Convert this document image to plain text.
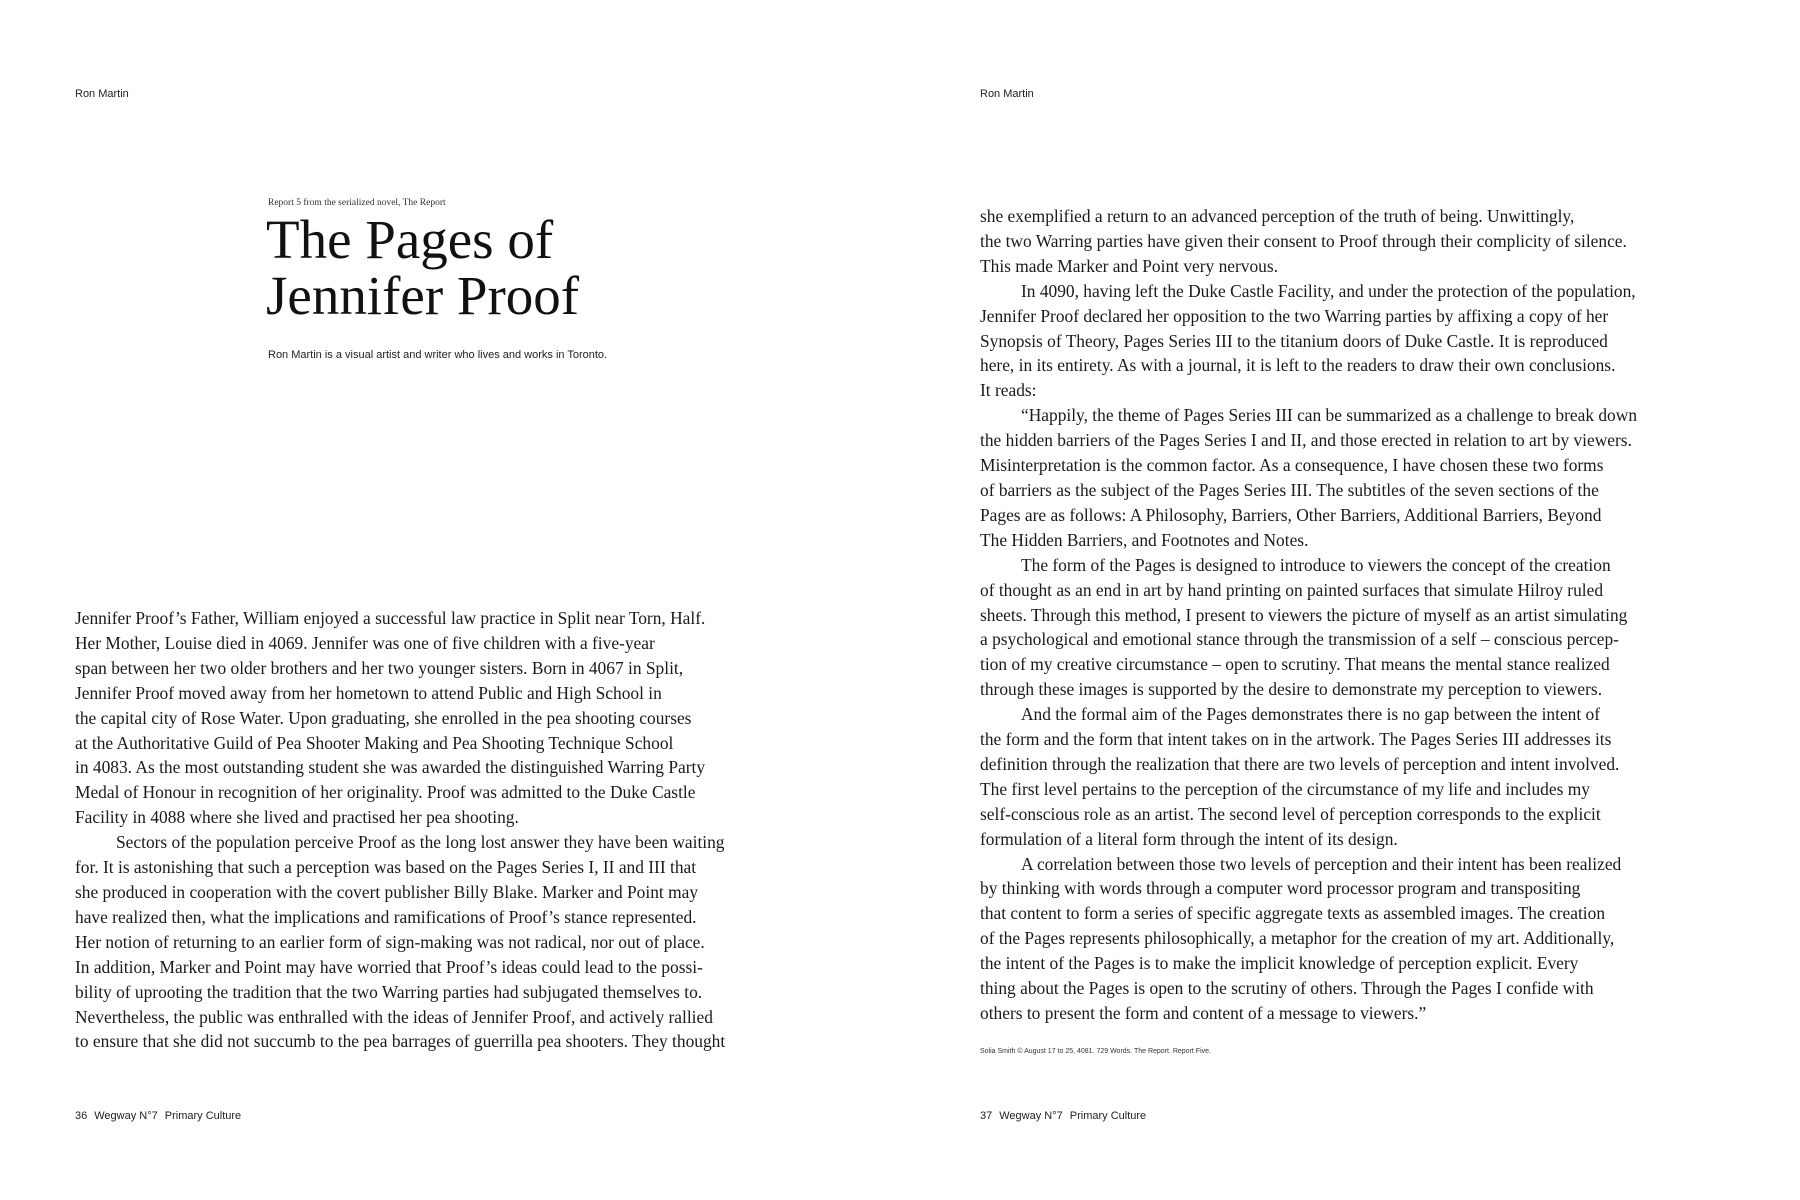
Ron Martin
Report 5 from the serialized novel, The Report
The Pages of
Jennifer Proof
Ron Martin is a visual artist and writer who lives and works in Toronto.
Jennifer Proof’s Father, William enjoyed a successful law practice in Split near Torn, Half.
Her Mother, Louise died in 4069. Jennifer was one of five children with a five-year
span between her two older brothers and her two younger sisters. Born in 4067 in Split,
Jennifer Proof moved away from her hometown to attend Public and High School in
the capital city of Rose Water. Upon graduating, she enrolled in the pea shooting courses
at the Authoritative Guild of Pea Shooter Making and Pea Shooting Technique School
in 4083. As the most outstanding student she was awarded the distinguished Warring Party
Medal of Honour in recognition of her originality. Proof was admitted to the Duke Castle
Facility in 4088 where she lived and practised her pea shooting.
Sectors of the population perceive Proof as the long lost answer they have been waiting
for. It is astonishing that such a perception was based on the Pages Series I, II and III that
she produced in cooperation with the covert publisher Billy Blake. Marker and Point may
have realized then, what the implications and ramifications of Proof’s stance represented.
Her notion of returning to an earlier form of sign-making was not radical, nor out of place.
In addition, Marker and Point may have worried that Proof’s ideas could lead to the possi-
bility of uprooting the tradition that the two Warring parties had subjugated themselves to.
Nevertheless, the public was enthralled with the ideas of Jennifer Proof, and actively rallied
to ensure that she did not succumb to the pea barrages of guerrilla pea shooters. They thought
36 Wegway N°7 Primary Culture
Ron Martin
she exemplified a return to an advanced perception of the truth of being. Unwittingly,
the two Warring parties have given their consent to Proof through their complicity of silence.
This made Marker and Point very nervous.
In 4090, having left the Duke Castle Facility, and under the protection of the population,
Jennifer Proof declared her opposition to the two Warring parties by affixing a copy of her
Synopsis of Theory, Pages Series III to the titanium doors of Duke Castle. It is reproduced
here, in its entirety. As with a journal, it is left to the readers to draw their own conclusions.
It reads:
“Happily, the theme of Pages Series III can be summarized as a challenge to break down
the hidden barriers of the Pages Series I and II, and those erected in relation to art by viewers.
Misinterpretation is the common factor. As a consequence, I have chosen these two forms
of barriers as the subject of the Pages Series III. The subtitles of the seven sections of the
Pages are as follows: A Philosophy, Barriers, Other Barriers, Additional Barriers, Beyond
The Hidden Barriers, and Footnotes and Notes.
The form of the Pages is designed to introduce to viewers the concept of the creation
of thought as an end in art by hand printing on painted surfaces that simulate Hilroy ruled
sheets. Through this method, I present to viewers the picture of myself as an artist simulating
a psychological and emotional stance through the transmission of a self – conscious percep-
tion of my creative circumstance – open to scrutiny. That means the mental stance realized
through these images is supported by the desire to demonstrate my perception to viewers.
And the formal aim of the Pages demonstrates there is no gap between the intent of
the form and the form that intent takes on in the artwork. The Pages Series III addresses its
definition through the realization that there are two levels of perception and intent involved.
The first level pertains to the perception of the circumstance of my life and includes my
self-conscious role as an artist. The second level of perception corresponds to the explicit
formulation of a literal form through the intent of its design.
A correlation between those two levels of perception and their intent has been realized
by thinking with words through a computer word processor program and transpositing
that content to form a series of specific aggregate texts as assembled images. The creation
of the Pages represents philosophically, a metaphor for the creation of my art. Additionally,
the intent of the Pages is to make the implicit knowledge of perception explicit. Every
thing about the Pages is open to the scrutiny of others. Through the Pages I confide with
others to present the form and content of a message to viewers.”
Solia Smith © August 17 to 25, 4081. 729 Words. The Report. Report Five.
37 Wegway N°7 Primary Culture
